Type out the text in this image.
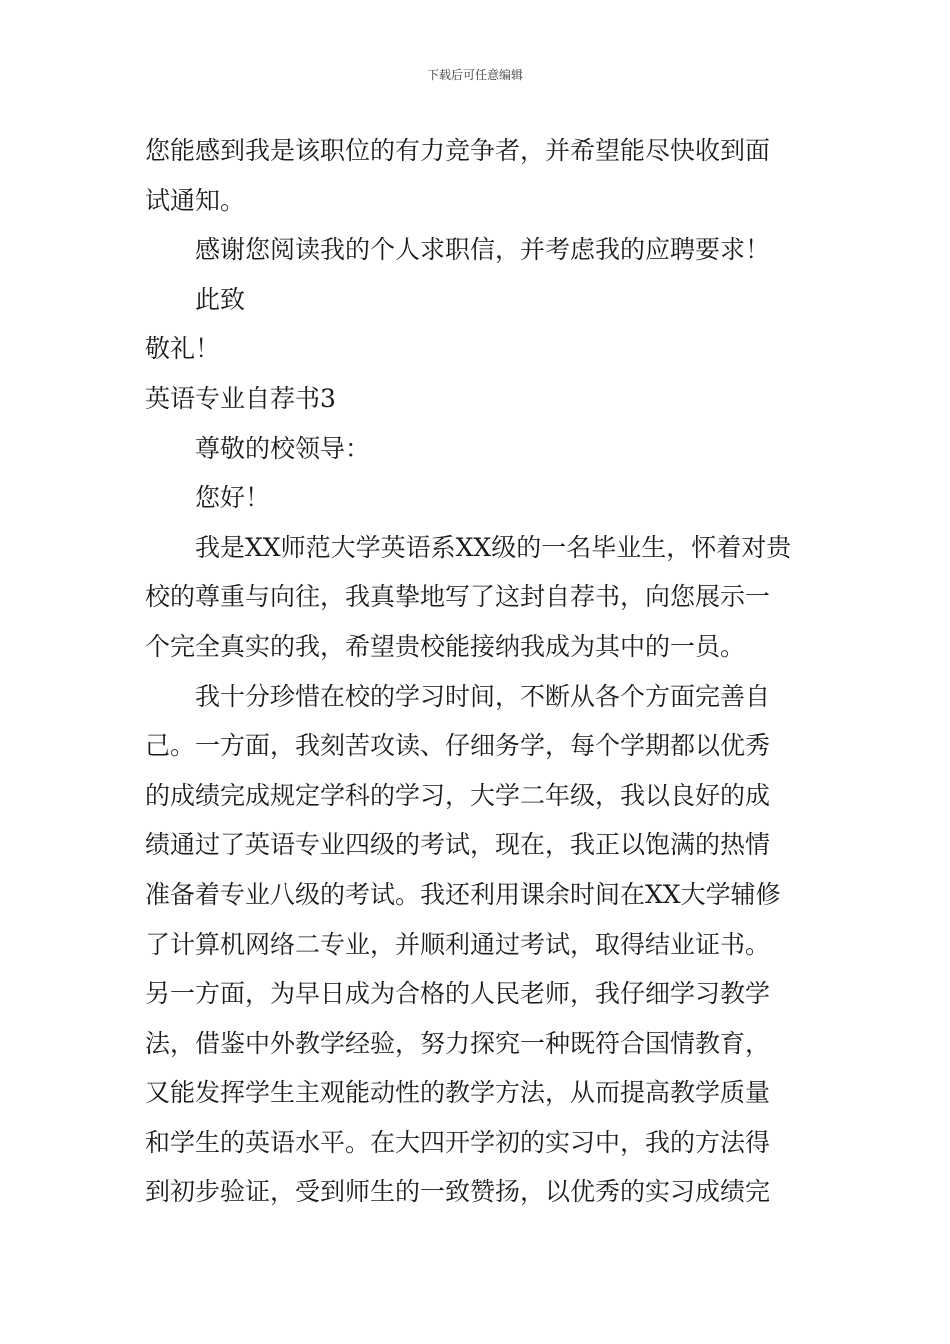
下载后可任意编辑
您能感到我是该职位的有力竞争者，并希望能尽快收到面
试通知。
感谢您阅读我的个人求职信，并考虑我的应聘要求！
此致
敬礼！
英语专业自荐书3
尊敬的校领导：
您好！
我是XX师范大学英语系XX级的一名毕业生，怀着对贵
校的尊重与向往，我真挚地写了这封自荐书，向您展示一
个完全真实的我，希望贵校能接纳我成为其中的一员。
我十分珍惜在校的学习时间，不断从各个方面完善自
己。一方面，我刻苦攻读、仔细务学，每个学期都以优秀
的成绩完成规定学科的学习，大学二年级，我以良好的成
绩通过了英语专业四级的考试，现在，我正以饱满的热情
准备着专业八级的考试。我还利用课余时间在XX大学辅修
了计算机网络二专业，并顺利通过考试，取得结业证书。
另一方面，为早日成为合格的人民老师，我仔细学习教学
法，借鉴中外教学经验，努力探究一种既符合国情教育，
又能发挥学生主观能动性的教学方法，从而提高教学质量
和学生的英语水平。在大四开学初的实习中，我的方法得
到初步验证，受到师生的一致赞扬，以优秀的实习成绩完
